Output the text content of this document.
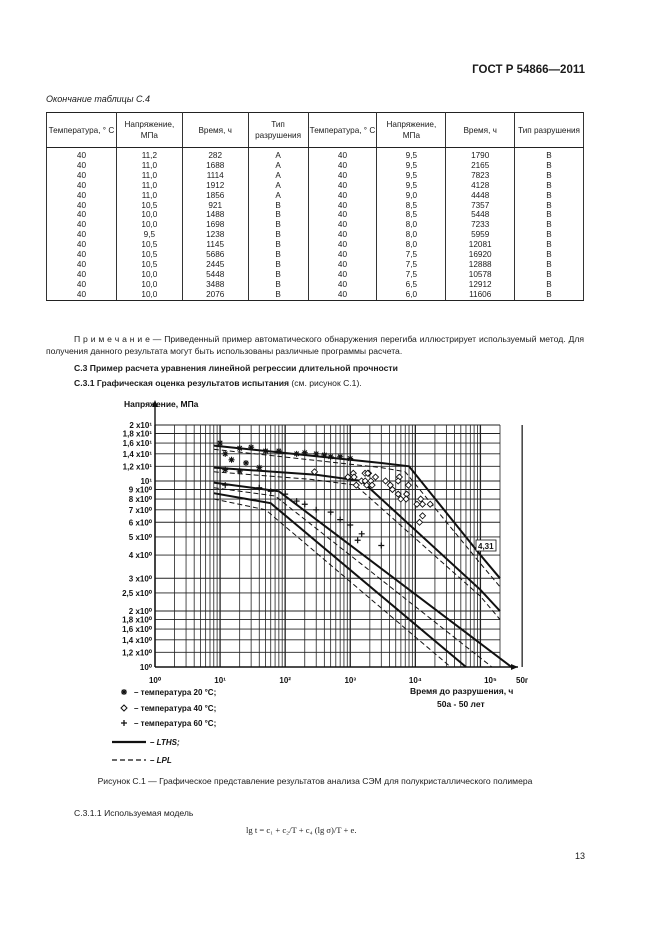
ГОСТ Р 54866—2011
Окончание таблицы С.4
Температура, ° С	Напряжение, МПа	Время, ч	Тип разрушения	Температура, ° С	Напряжение, МПа	Время, ч	Тип разрушения
40	11,2	282	А	40	9,5	1790	В
40	11,0	1688	А	40	9,5	2165	В
40	11,0	1114	А	40	9,5	7823	В
40	11,0	1912	А	40	9,5	4128	В
40	11,0	1856	А	40	9,0	4448	В
40	10,5	921	В	40	8,5	7357	В
40	10,0	1488	В	40	8,5	5448	В
40	10,0	1698	В	40	8,0	7233	В
40	9,5	1238	В	40	8,0	5959	В
40	10,5	1145	В	40	8,0	12081	В
40	10,5	5686	В	40	7,5	16920	В
40	10,5	2445	В	40	7,5	12888	В
40	10,0	5448	В	40	7,5	10578	В
40	10,0	3488	В	40	6,5	12912	В
40	10,0	2076	В	40	6,0	11606	В
П р и м е ч а н и е — Приведенный пример автоматического обнаружения перегиба иллюстрирует используемый метод. Для получения данного результата могут быть использованы различные программы расчета.
С.3 Пример расчета уравнения линейной регрессии длительной прочности
С.3.1 Графическая оценка результатов испытания (см. рисунок С.1).
2 x10¹
1,8 x10¹
1,6 x10¹
1,4 x10¹
1,2 x10¹
10¹
9 x10⁰
8 x10⁰
7 x10⁰
6 x10⁰
5 x10⁰
4 x10⁰
3 x10⁰
2,5 x10⁰
2 x10⁰
1,8 x10⁰
1,6 x10⁰
1,4 x10⁰
1,2 x10⁰
10⁰
10⁰	10¹	10²	10³	10⁴	50г
10⁵
Напряжение, МПа
Время до разрушения, ч
50а - 50 лет
4,31
– температура 20 °C;
– температура 40 °C;
– температура 60 °C;
– LTHS;
– LPL
Рисунок С.1 — Графическое представление результатов анализа СЭМ для полукристаллического полимера
С.3.1.1 Используемая модель
lg t = c₁ + c₂/T + c₄ (lg σ)/T + e.
13
